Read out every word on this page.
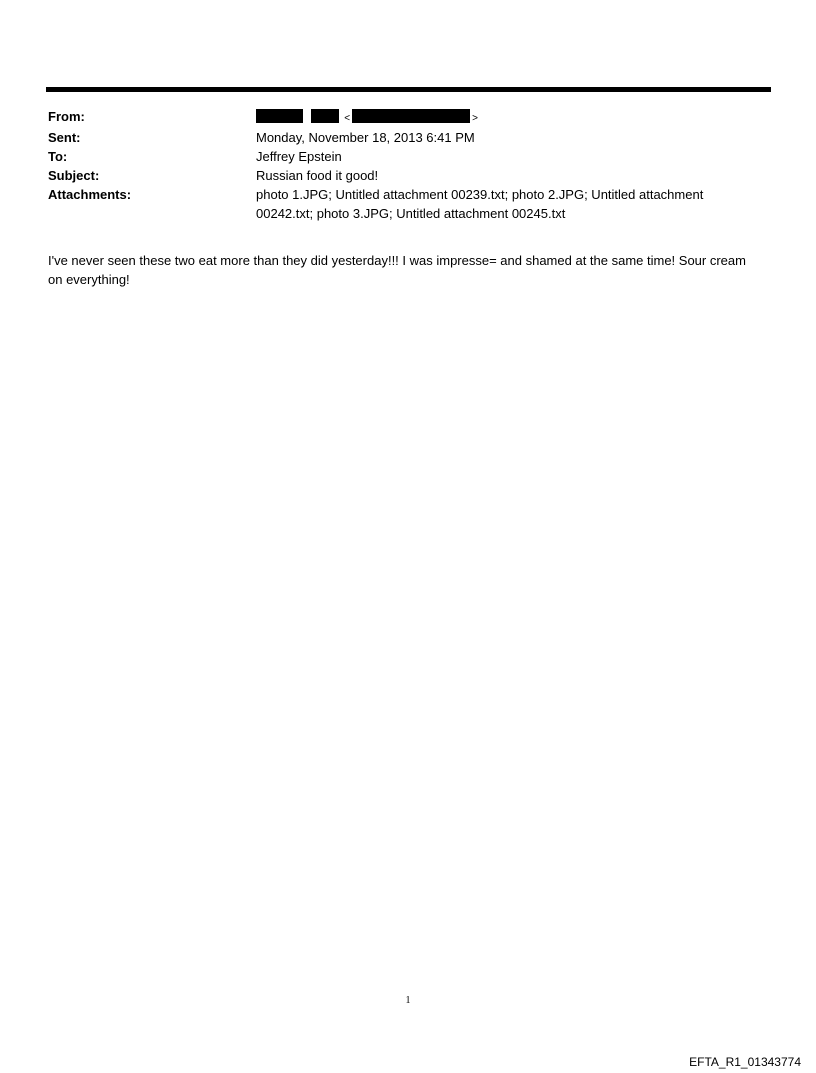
From:	<	>
Sent:	Monday, November 18, 2013 6:41 PM
To:	Jeffrey Epstein
Subject:	Russian food it good!
Attachments:	photo 1.JPG; Untitled attachment 00239.txt; photo 2.JPG; Untitled attachment 00242.txt; photo 3.JPG; Untitled attachment 00245.txt
I've never seen these two eat more than they did yesterday!!! I was impresse= and shamed at the same time! Sour cream on everything!
1
EFTA_R1_01343774
